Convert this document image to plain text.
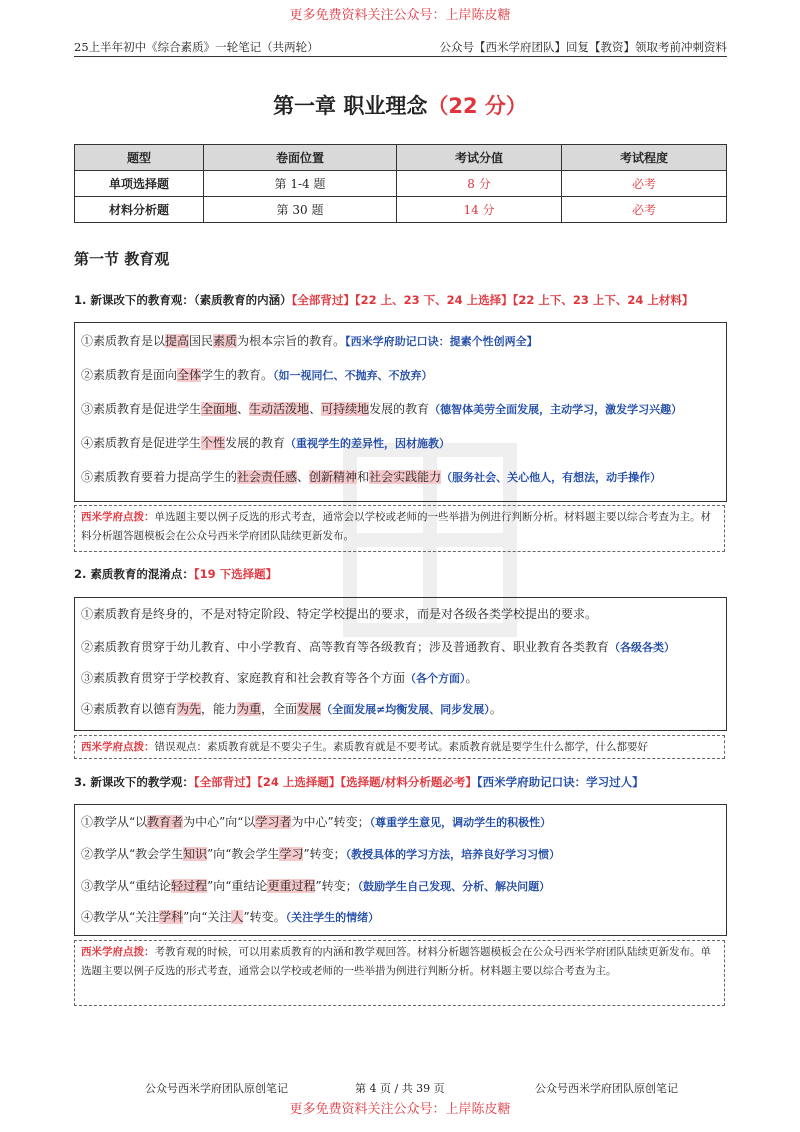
更多免费资料关注公众号：上岸陈皮糖
25上半年初中《综合素质》一轮笔记（共两轮）	公众号【西米学府团队】回复【教资】领取考前冲刺资料
第一章 职业理念（22 分）
题型	卷面位置	考试分值	考试程度
单项选择题	第 1-4 题	8 分	必考
材料分析题	第 30 题	14 分	必考
第一节 教育观
1. 新课改下的教育观：（素质教育的内涵）【全部背过】【22 上、23 下、24 上选择】【22 上下、23 上下、24 上材料】
①素质教育是以提高国民素质为根本宗旨的教育。【西米学府助记口诀：提素个性创两全】
②素质教育是面向全体学生的教育。（如一视同仁、不抛弃、不放弃）
③素质教育是促进学生全面地、生动活泼地、可持续地发展的教育（德智体美劳全面发展，主动学习，激发学习兴趣）
④素质教育是促进学生个性发展的教育（重视学生的差异性，因材施教）
⑤素质教育要着力提高学生的社会责任感、创新精神和社会实践能力（服务社会、关心他人，有想法，动手操作）
西米学府点拨：单选题主要以例子反选的形式考查，通常会以学校或老师的一些举措为例进行判断分析。材料题主要以综合考查为主。材料分析题答题模板会在公众号西米学府团队陆续更新发布。
2. 素质教育的混淆点：【19 下选择题】
①素质教育是终身的，不是对特定阶段、特定学校提出的要求，而是对各级各类学校提出的要求。
②素质教育贯穿于幼儿教育、中小学教育、高等教育等各级教育；涉及普通教育、职业教育各类教育（各级各类）
③素质教育贯穿于学校教育、家庭教育和社会教育等各个方面（各个方面）。
④素质教育以德育为先，能力为重，全面发展（全面发展≠均衡发展、同步发展）。
西米学府点拨：错误观点：素质教育就是不要尖子生。素质教育就是不要考试。素质教育就是要学生什么都学，什么都要好
3. 新课改下的教学观：【全部背过】【24 上选择题】【选择题/材料分析题必考】【西米学府助记口诀：学习过人】
①教学从“以教育者为中心”向“以学习者为中心”转变；（尊重学生意见，调动学生的积极性）
②教学从“教会学生知识”向“教会学生学习”转变；（教授具体的学习方法，培养良好学习习惯）
③教学从“重结论轻过程”向“重结论更重过程”转变；（鼓励学生自己发现、分析、解决问题）
④教学从“关注学科”向“关注人”转变。（关注学生的情绪）
西米学府点拨：考教育观的时候，可以用素质教育的内涵和教学观回答。材料分析题答题模板会在公众号西米学府团队陆续更新发布。单选题主要以例子反选的形式考查，通常会以学校或老师的一些举措为例进行判断分析。材料题主要以综合考查为主。
公众号西米学府团队原创笔记	第 4 页 / 共 39 页	公众号西米学府团队原创笔记
更多免费资料关注公众号：上岸陈皮糖
